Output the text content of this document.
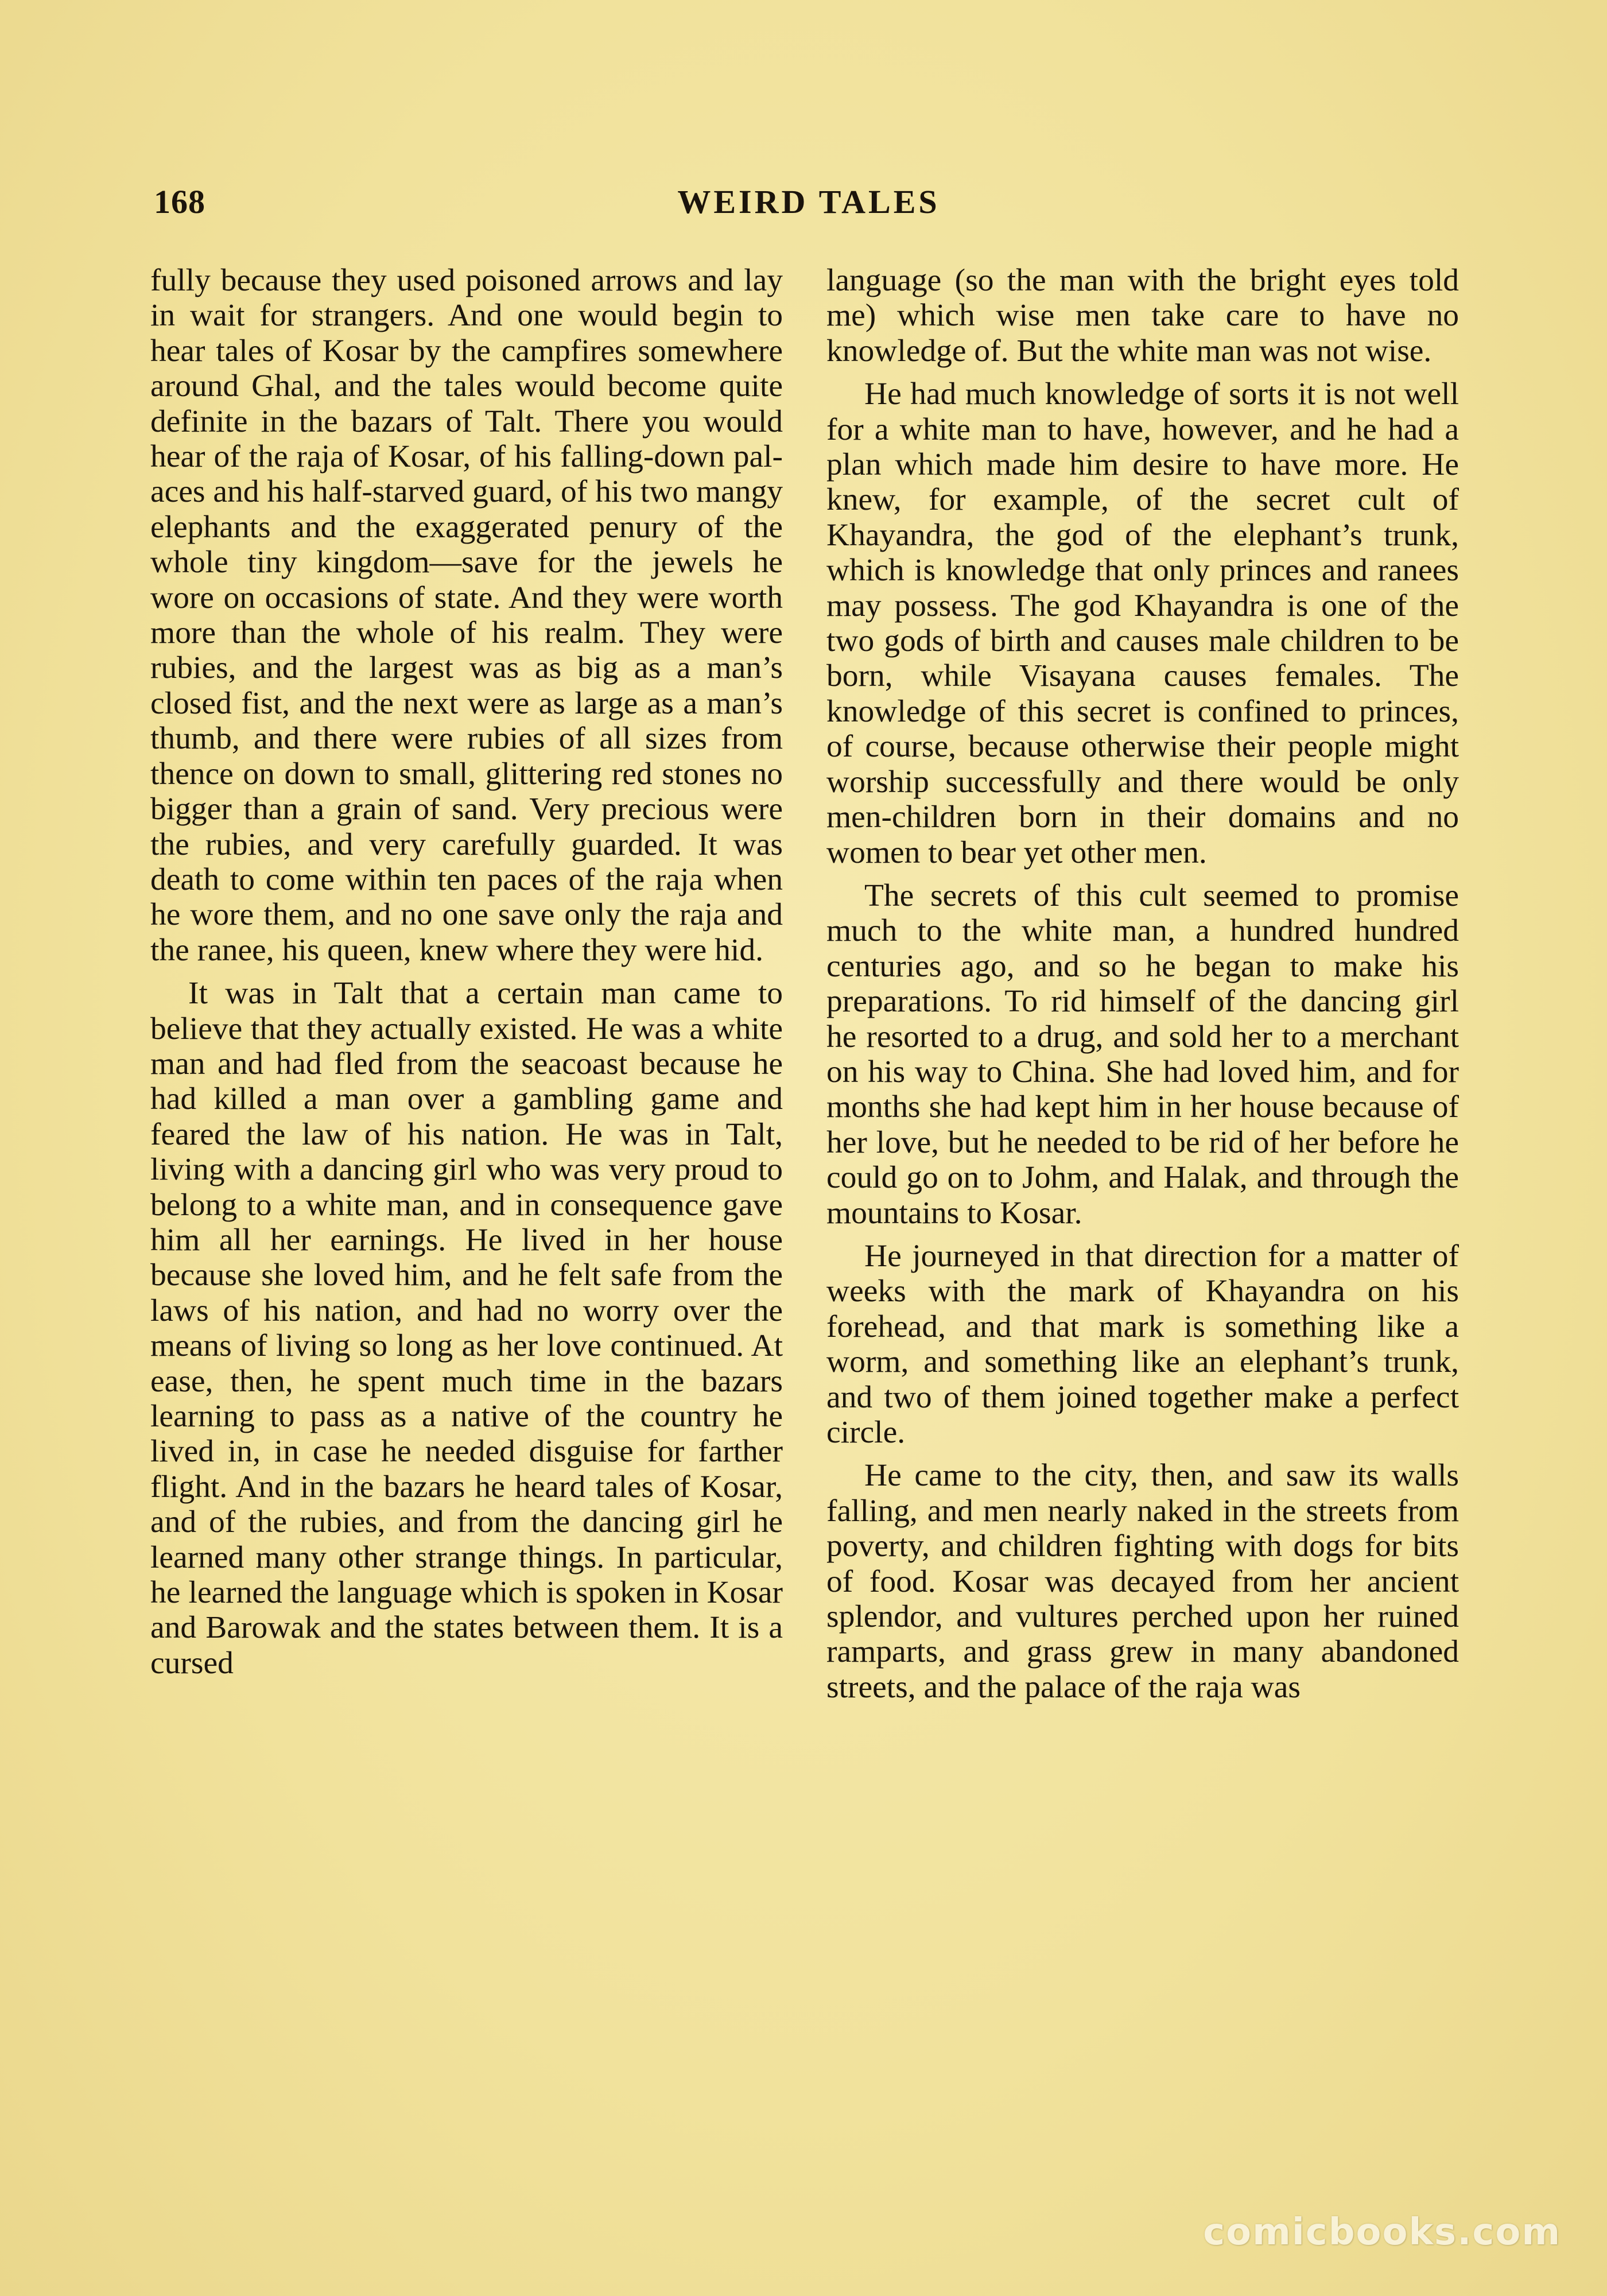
168	WEIRD TALES

fully because they used poisoned arrows and lay in wait for strangers. And one would begin to hear tales of Kosar by the campfires somewhere around Ghal, and the tales would become quite definite in the bazars of Talt. There you would hear of the raja of Kosar, of his falling-down palaces and his half-starved guard, of his two mangy elephants and the exaggerated penury of the whole tiny kingdom—save for the jewels he wore on occasions of state. And they were worth more than the whole of his realm. They were rubies, and the largest was as big as a man’s closed fist, and the next were as large as a man’s thumb, and there were rubies of all sizes from thence on down to small, glittering red stones no bigger than a grain of sand. Very precious were the rubies, and very carefully guarded. It was death to come within ten paces of the raja when he wore them, and no one save only the raja and the ranee, his queen, knew where they were hid.

It was in Talt that a certain man came to believe that they actually existed. He was a white man and had fled from the seacoast because he had killed a man over a gambling game and feared the law of his nation. He was in Talt, living with a dancing girl who was very proud to belong to a white man, and in consequence gave him all her earnings. He lived in her house because she loved him, and he felt safe from the laws of his nation, and had no worry over the means of living so long as her love continued. At ease, then, he spent much time in the bazars learning to pass as a native of the country he lived in, in case he needed disguise for farther flight. And in the bazars he heard tales of Kosar, and of the rubies, and from the dancing girl he learned many other strange things. In particular, he learned the language which is spoken in Kosar and Barowak and the states between them. It is a cursed

language (so the man with the bright eyes told me) which wise men take care to have no knowledge of. But the white man was not wise.

He had much knowledge of sorts it is not well for a white man to have, however, and he had a plan which made him desire to have more. He knew, for example, of the secret cult of Khayandra, the god of the elephant’s trunk, which is knowledge that only princes and ranees may possess. The god Khayandra is one of the two gods of birth and causes male children to be born, while Visayana causes females. The knowledge of this secret is confined to princes, of course, because otherwise their people might worship successfully and there would be only men-children born in their domains and no women to bear yet other men.

The secrets of this cult seemed to promise much to the white man, a hundred hundred centuries ago, and so he began to make his preparations. To rid himself of the dancing girl he resorted to a drug, and sold her to a merchant on his way to China. She had loved him, and for months she had kept him in her house because of her love, but he needed to be rid of her before he could go on to Johm, and Halak, and through the mountains to Kosar.

He journeyed in that direction for a matter of weeks with the mark of Khayandra on his forehead, and that mark is something like a worm, and something like an elephant’s trunk, and two of them joined together make a perfect circle.

He came to the city, then, and saw its walls falling, and men nearly naked in the streets from poverty, and children fighting with dogs for bits of food. Kosar was decayed from her ancient splendor, and vultures perched upon her ruined ramparts, and grass grew in many abandoned streets, and the palace of the raja was

comicbooks.com
